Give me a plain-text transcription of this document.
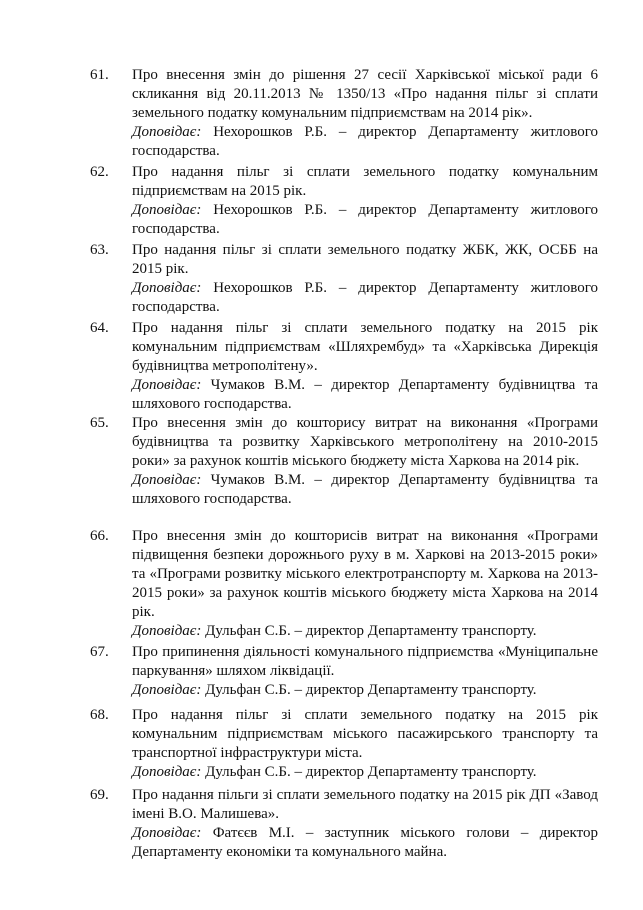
61.	Про внесення змін до рішення 27 сесії Харківської міської ради 6 скликання від 20.11.2013 № 1350/13 «Про надання пільг зі сплати земельного податку комунальним підприємствам на 2014 рік».

Доповідає: Нехорошков Р.Б. – директор Департаменту житлового господарства.

62.	Про надання пільг зі сплати земельного податку комунальним підприємствам на 2015 рік.

Доповідає: Нехорошков Р.Б. – директор Департаменту житлового господарства.

63.	Про надання пільг зі сплати земельного податку ЖБК, ЖК, ОСББ на 2015 рік.

Доповідає: Нехорошков Р.Б. – директор Департаменту житлового господарства.

64.	Про надання пільг зі сплати земельного податку на 2015 рік комунальним підприємствам «Шляхрембуд» та «Харківська Дирекція будівництва метрополітену».

Доповідає: Чумаков В.М. – директор Департаменту будівництва та шляхового господарства.

65.	Про внесення змін до кошторису витрат на виконання «Програми будівництва та розвитку Харківського метрополітену на 2010-2015 роки» за рахунок коштів міського бюджету міста Харкова на 2014 рік.

Доповідає: Чумаков В.М. – директор Департаменту будівництва та шляхового господарства.

66.	Про внесення змін до кошторисів витрат на виконання «Програми підвищення безпеки дорожнього руху в м. Харкові на 2013-2015 роки» та «Програми розвитку міського електротранспорту м. Харкова на 2013-2015 роки» за рахунок коштів міського бюджету міста Харкова на 2014 рік.

Доповідає: Дульфан С.Б. – директор Департаменту транспорту.

67.	Про припинення діяльності комунального підприємства «Муніципальне паркування» шляхом ліквідації.

Доповідає: Дульфан С.Б. – директор Департаменту транспорту.

68.	Про надання пільг зі сплати земельного податку на 2015 рік комунальним підприємствам міського пасажирського транспорту та транспортної інфраструктури міста.

Доповідає: Дульфан С.Б. – директор Департаменту транспорту.

69.	Про надання пільги зі сплати земельного податку на 2015 рік ДП «Завод імені В.О. Малишева».

Доповідає: Фатєєв М.І. – заступник міського голови – директор Департаменту економіки та комунального майна.
